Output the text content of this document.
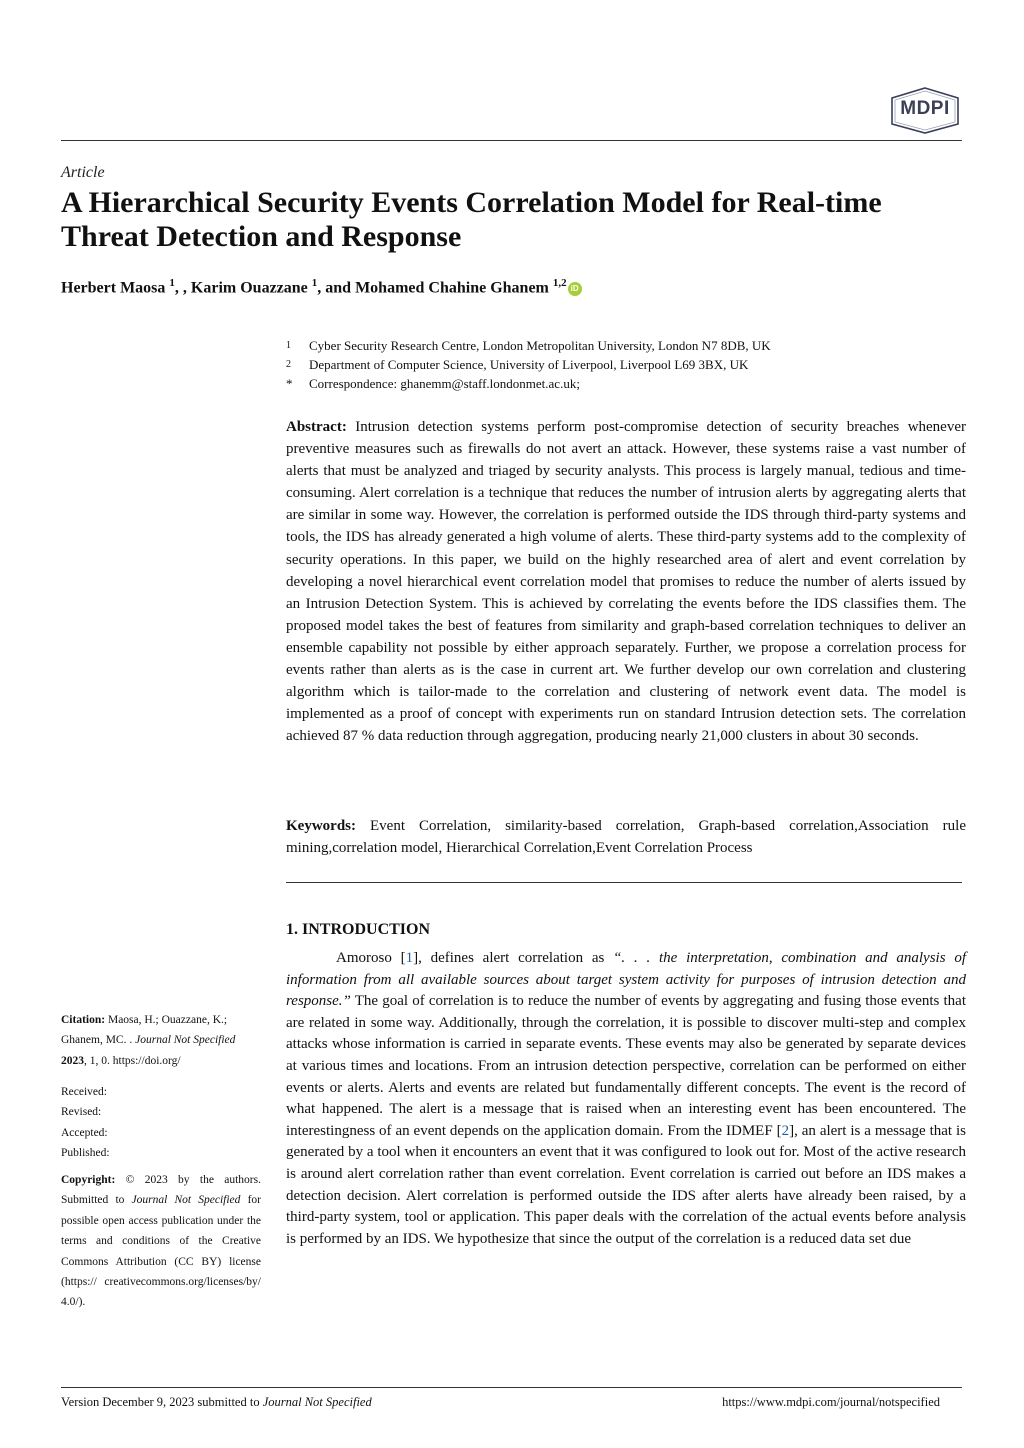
MDPI
Article
A Hierarchical Security Events Correlation Model for Real-time Threat Detection and Response
Herbert Maosa $^1$, , Karim Ouazzane $^1$, and Mohamed Chahine Ghanem $^{1,2}$ iD
1	Cyber Security Research Centre, London Metropolitan University, London N7 8DB, UK
2	Department of Computer Science, University of Liverpool, Liverpool L69 3BX, UK
*	Correspondence: ghanemm@staff.londonmet.ac.uk;

Abstract: Intrusion detection systems perform post-compromise detection of security breaches whenever preventive measures such as firewalls do not avert an attack. However, these systems raise a vast number of alerts that must be analyzed and triaged by security analysts. This process is largely manual, tedious and time-consuming. Alert correlation is a technique that reduces the number of intrusion alerts by aggregating alerts that are similar in some way. However, the correlation is performed outside the IDS through third-party systems and tools, the IDS has already generated a high volume of alerts. These third-party systems add to the complexity of security operations. In this paper, we build on the highly researched area of alert and event correlation by developing a novel hierarchical event correlation model that promises to reduce the number of alerts issued by an Intrusion Detection System. This is achieved by correlating the events before the IDS classifies them. The proposed model takes the best of features from similarity and graph-based correlation techniques to deliver an ensemble capability not possible by either approach separately. Further, we propose a correlation process for events rather than alerts as is the case in current art. We further develop our own correlation and clustering algorithm which is tailor-made to the correlation and clustering of network event data. The model is implemented as a proof of concept with experiments run on standard Intrusion detection sets. The correlation achieved 87 % data reduction through aggregation, producing nearly 21,000 clusters in about 30 seconds.

Keywords: Event Correlation, similarity-based correlation, Graph-based correlation,Association rule mining,correlation model, Hierarchical Correlation,Event Correlation Process

1. INTRODUCTION

Amoroso [1], defines alert correlation as “. . . the interpretation, combination and analysis of information from all available sources about target system activity for purposes of intrusion detection and response.” The goal of correlation is to reduce the number of events by aggregating and fusing those events that are related in some way. Additionally, through the correlation, it is possible to discover multi-step and complex attacks whose information is carried in separate events. These events may also be generated by separate devices at various times and locations. From an intrusion detection perspective, correlation can be performed on either events or alerts. Alerts and events are related but fundamentally different concepts. The event is the record of what happened. The alert is a message that is raised when an interesting event has been encountered. The interestingness of an event depends on the application domain. From the IDMEF [2], an alert is a message that is generated by a tool when it encounters an event that it was configured to look out for. Most of the active research is around alert correlation rather than event correlation. Event correlation is carried out before an IDS makes a detection decision. Alert correlation is performed outside the IDS after alerts have already been raised, by a third-party system, tool or application. This paper deals with the correlation of the actual events before analysis is performed by an IDS. We hypothesize that since the output of the correlation is a reduced data set due

Citation: Maosa, H.; Ouazzane, K.; Ghanem, MC. . Journal Not Specified 2023, 1, 0. https://doi.org/
Received:
Revised:
Accepted:
Published:
Copyright: © 2023 by the authors. Submitted to Journal Not Specified for possible open access publication under the terms and conditions of the Creative Commons Attribution (CC BY) license (https:// creativecommons.org/licenses/by/ 4.0/).
Version December 9, 2023 submitted to Journal Not Specified	https://www.mdpi.com/journal/notspecified
